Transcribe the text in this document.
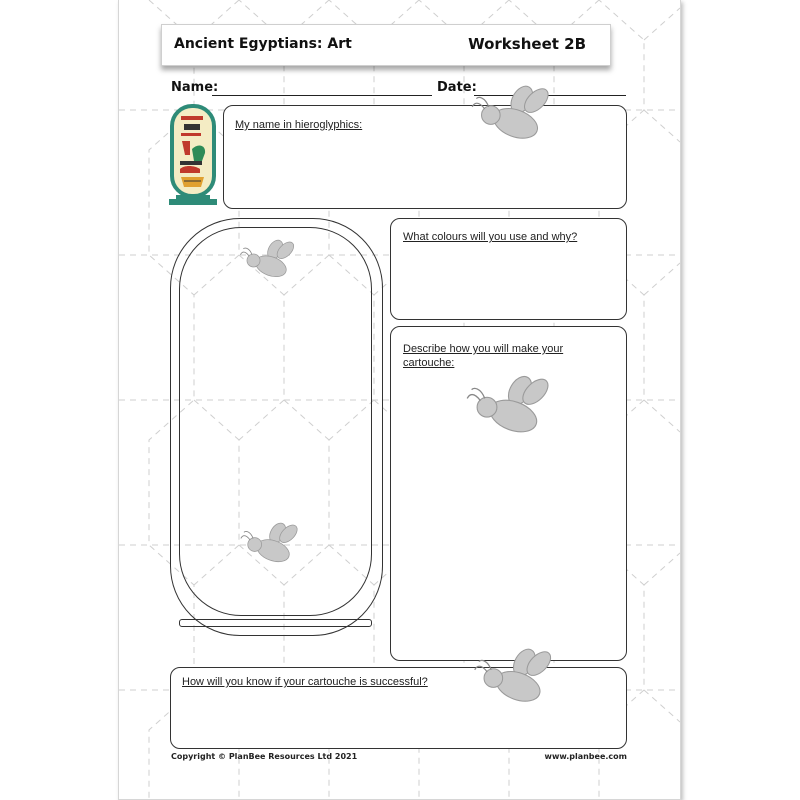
Ancient Egyptians: Art	Worksheet 2B
Name:	Date:
My name in hieroglyphics:
What colours will you use and why?
Describe how you will make your
cartouche:
How will you know if your cartouche is successful?
Copyright © PlanBee Resources Ltd 2021	www.planbee.com
